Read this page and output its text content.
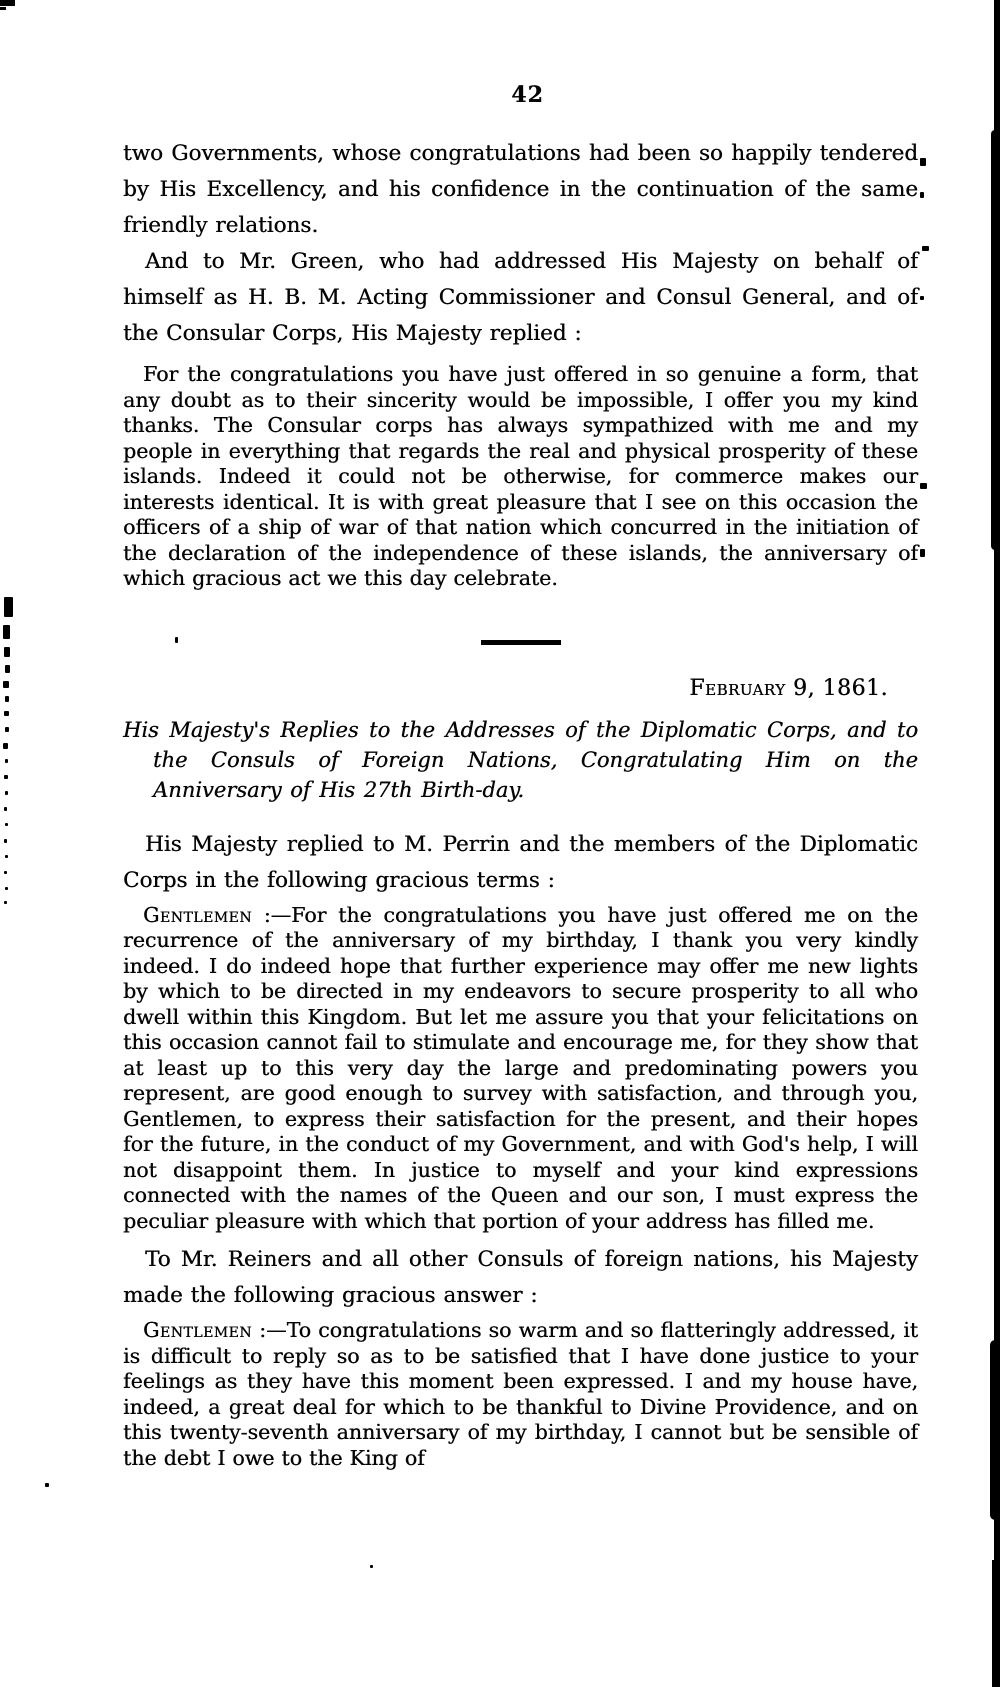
42

two Governments, whose congratulations had been so happily tendered by His Excellency, and his confidence in the continuation of the same friendly relations.

And to Mr. Green, who had addressed His Majesty on behalf of himself as H. B. M. Acting Commissioner and Consul General, and of the Consular Corps, His Majesty replied :

For the congratulations you have just offered in so genuine a form, that any doubt as to their sincerity would be impossible, I offer you my kind thanks. The Consular corps has always sympathized with me and my people in everything that regards the real and physical prosperity of these islands. Indeed it could not be otherwise, for commerce makes our interests identical. It is with great pleasure that I see on this occasion the officers of a ship of war of that nation which concurred in the initiation of the declaration of the independence of these islands, the anniversary of which gracious act we this day celebrate.

February 9, 1861.

His Majesty's Replies to the Addresses of the Diplomatic Corps, and to the Consuls of Foreign Nations, Congratulating Him on the Anniversary of His 27th Birth-day.

His Majesty replied to M. Perrin and the members of the Diplomatic Corps in the following gracious terms :

Gentlemen :—For the congratulations you have just offered me on the recurrence of the anniversary of my birthday, I thank you very kindly indeed. I do indeed hope that further experience may offer me new lights by which to be directed in my endeavors to secure prosperity to all who dwell within this Kingdom. But let me assure you that your felicitations on this occasion cannot fail to stimulate and encourage me, for they show that at least up to this very day the large and predominating powers you represent, are good enough to survey with satisfaction, and through you, Gentlemen, to express their satisfaction for the present, and their hopes for the future, in the conduct of my Government, and with God's help, I will not disappoint them. In justice to myself and your kind expressions connected with the names of the Queen and our son, I must express the peculiar pleasure with which that portion of your address has filled me.

To Mr. Reiners and all other Consuls of foreign nations, his Majesty made the following gracious answer :

Gentlemen :—To congratulations so warm and so flatteringly addressed, it is difficult to reply so as to be satisfied that I have done justice to your feelings as they have this moment been expressed. I and my house have, indeed, a great deal for which to be thankful to Divine Providence, and on this twenty-seventh anniversary of my birthday, I cannot but be sensible of the debt I owe to the King of
